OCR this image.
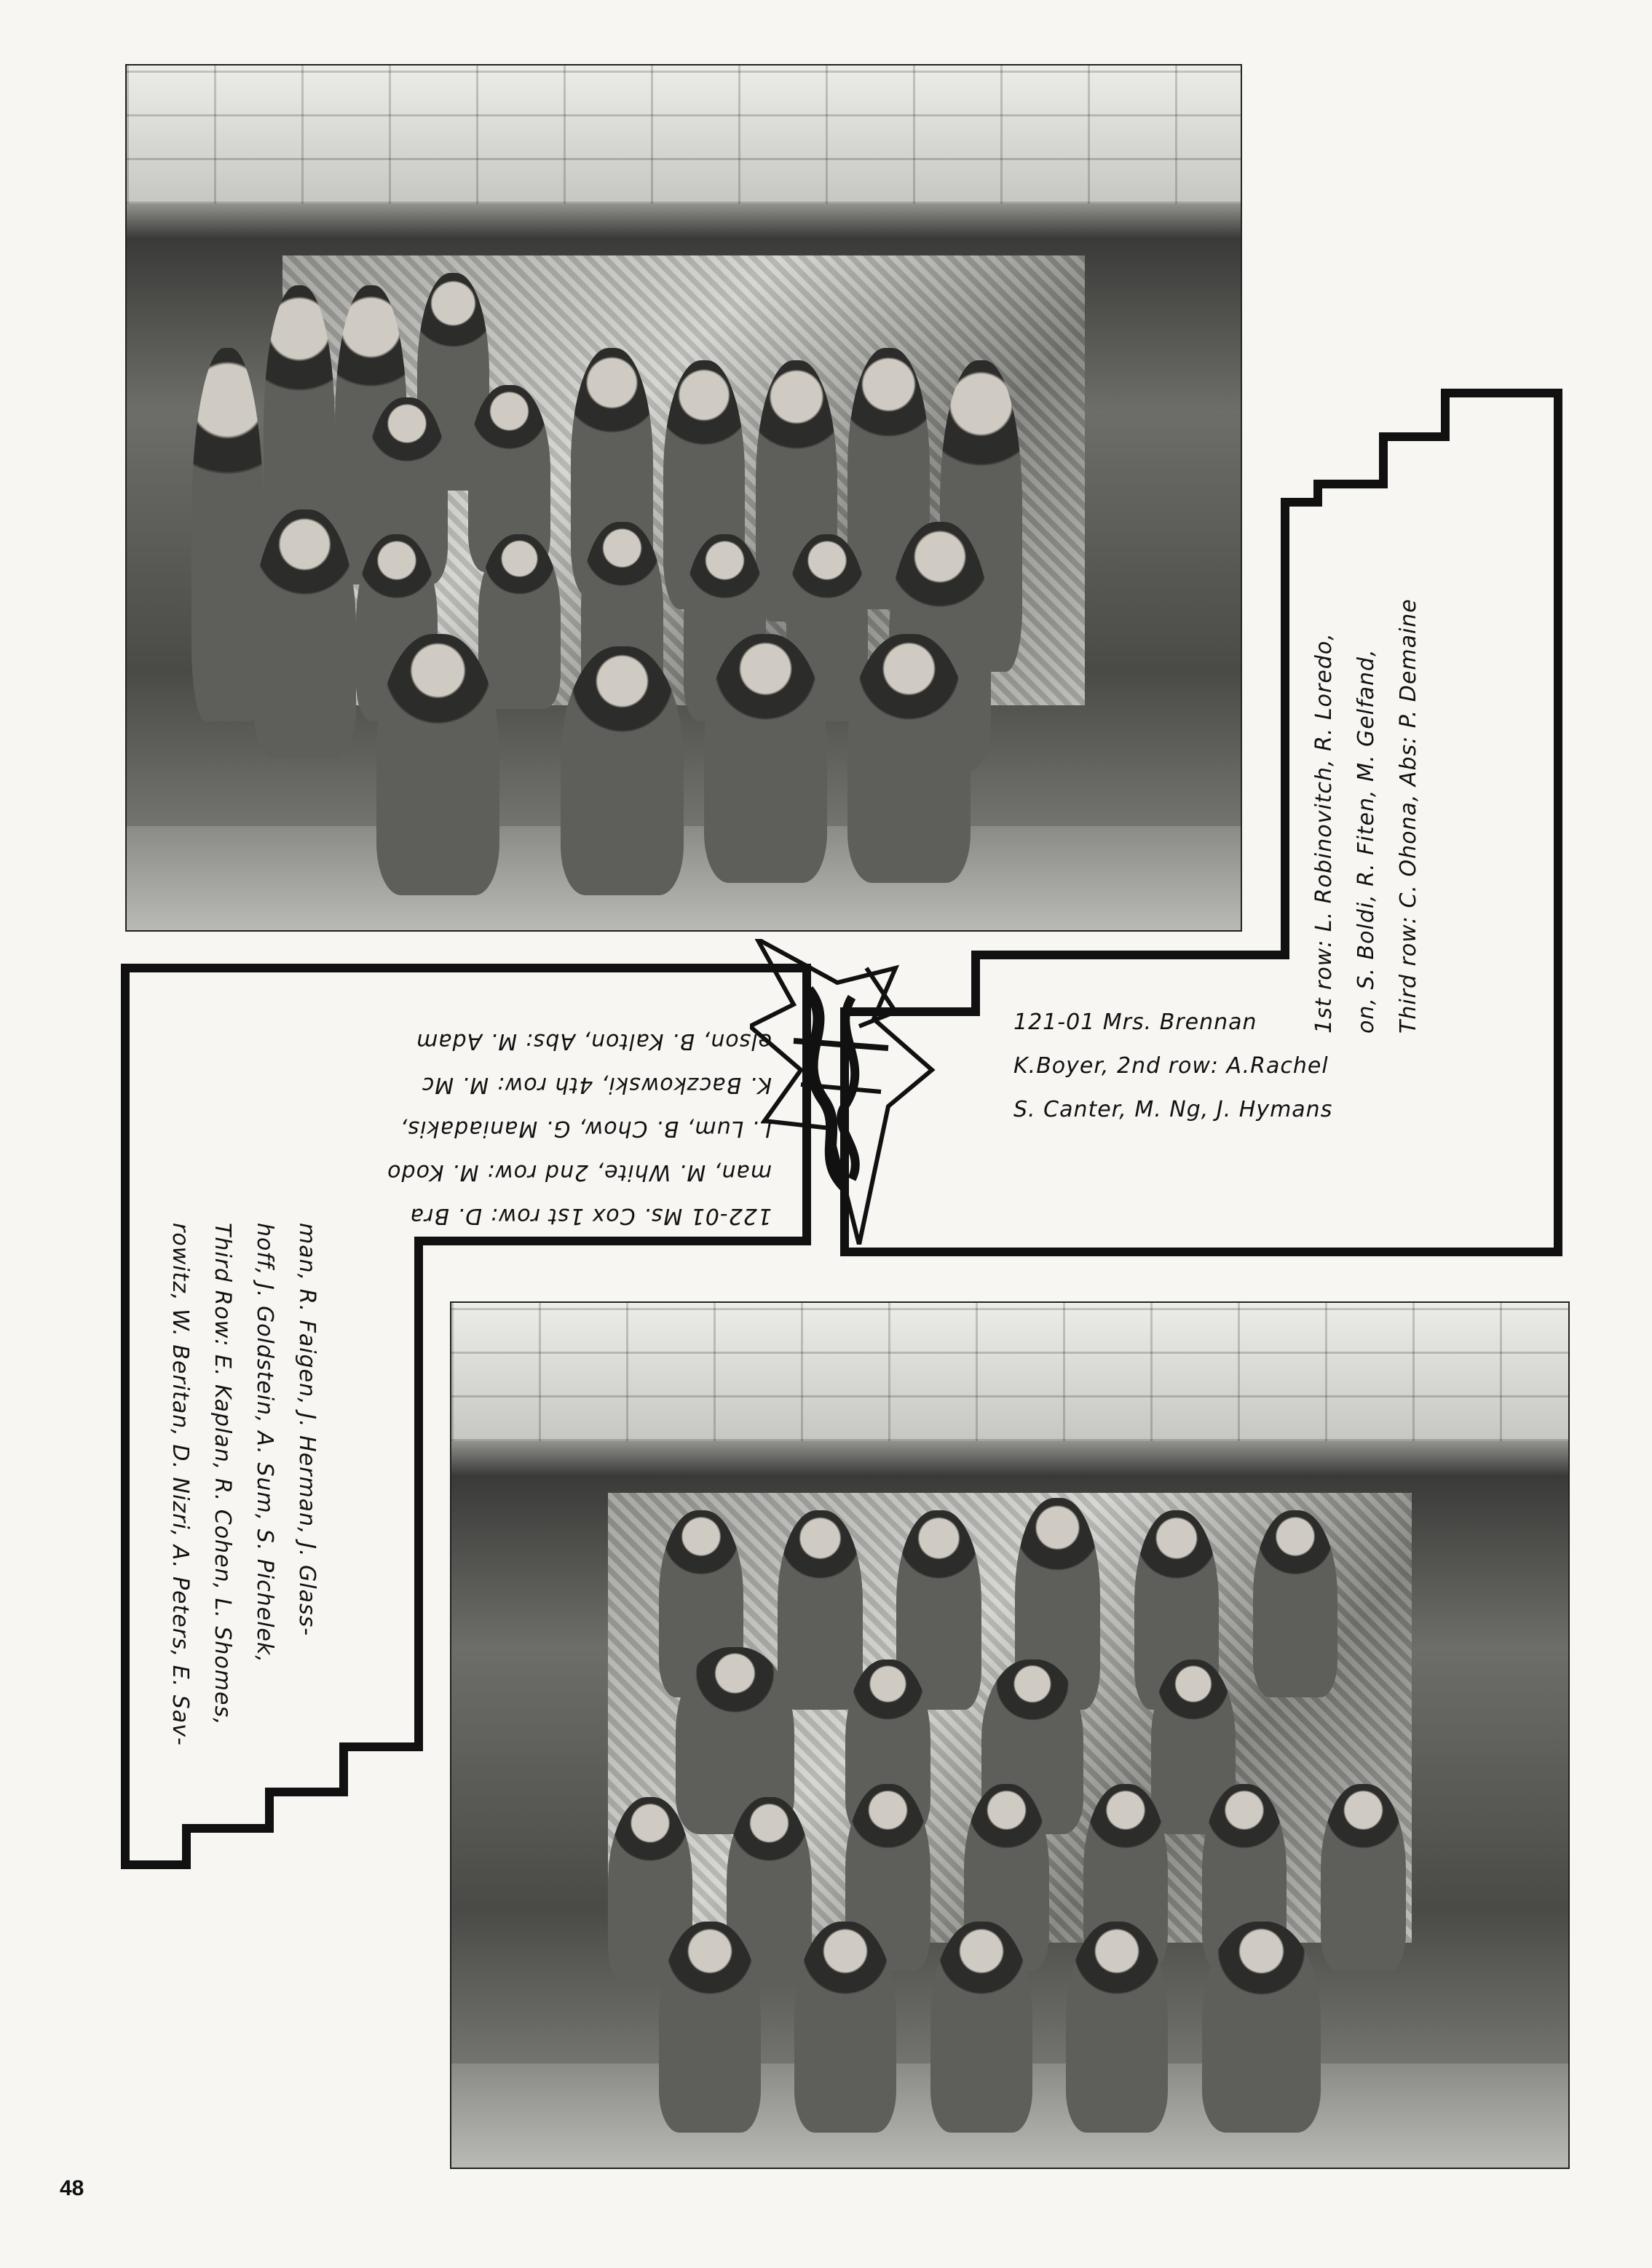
121-01 Mrs. Brennan
K.Boyer, 2nd row: A.Rachel
S. Canter, M. Ng, J. Hymans
1st row: L. Robinovitch, R. Loredo, on, S. Boldi, R. Fiten, M. Gelfand, Third row: C. Ohona, Abs: P. Demaine
122-01 Ms. Cox 1st row: D. Bra
man, M. White, 2nd row: M. Kodo
L. Lum, B. Chow, G. Maniadakis,
K. Baczkowski, 4th row: M. Mc
elson, B. Kalton, Abs: M. Adam
man, R. Faigen, J. Herman, J. Glass-
hoff, J. Goldstein, A. Sum, S. Pichelek,
Third Row: E. Kaplan, R. Cohen, L. Shomes,
rowitz, W. Beritan, D. Nizri, A. Peters, E. Sav-
48
